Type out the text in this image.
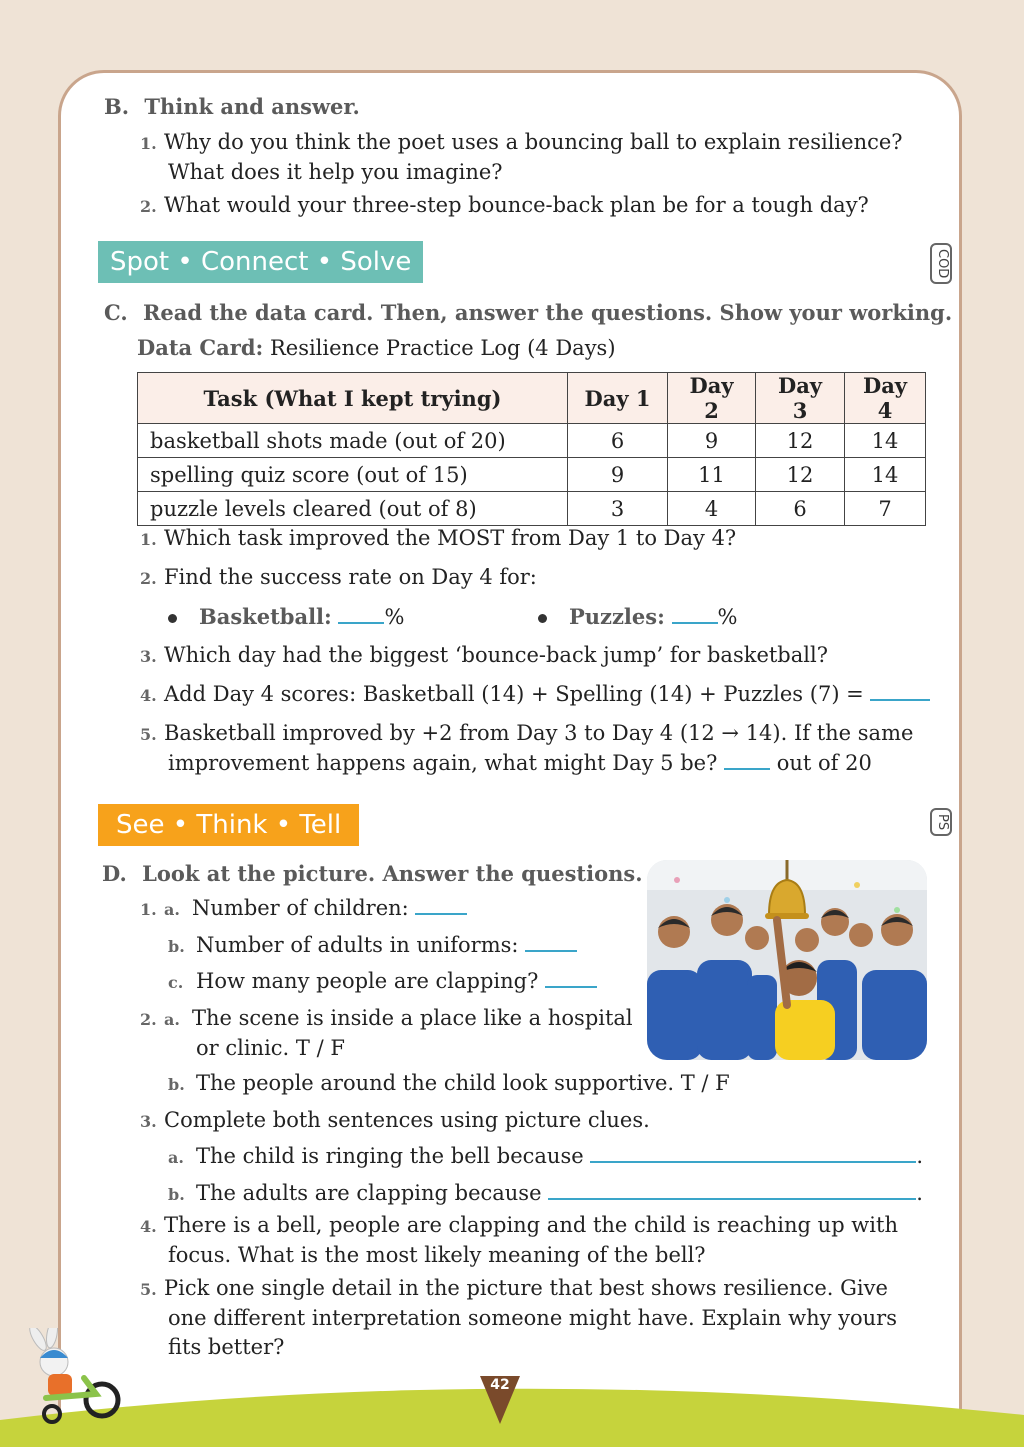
B. Think and answer.
1. Why do you think the poet uses a bouncing ball to explain resilience?
What does it help you imagine?
2. What would your three-step bounce-back plan be for a tough day?
Spot • Connect • Solve	COD
C. Read the data card. Then, answer the questions. Show your working.
Data Card: Resilience Practice Log (4 Days)
Task (What I kept trying)	Day 1	Day 2	Day 3	Day 4
basketball shots made (out of 20)	6	9	12	14
spelling quiz score (out of 15)	9	11	12	14
puzzle levels cleared (out of 8)	3	4	6	7
1. Which task improved the MOST from Day 1 to Day 4?
2. Find the success rate on Day 4 for:
Basketball:	%	Puzzles:	%
3. Which day had the biggest ‘bounce-back jump’ for basketball?
4. Add Day 4 scores: Basketball (14) + Spelling (14) + Puzzles (7) =
5. Basketball improved by +2 from Day 3 to Day 4 (12 → 14). If the same
improvement happens again, what might Day 5 be?	out of 20
See • Think • Tell	PS
D. Look at the picture. Answer the questions.
1. a. Number of children:
b. Number of adults in uniforms:
c. How many people are clapping?
2. a. The scene is inside a place like a hospital
or clinic. T / F
b. The people around the child look supportive. T / F
3. Complete both sentences using picture clues.
a. The child is ringing the bell because	.
b. The adults are clapping because	.
4. There is a bell, people are clapping and the child is reaching up with
focus. What is the most likely meaning of the bell?
5. Pick one single detail in the picture that best shows resilience. Give
one different interpretation someone might have. Explain why yours
fits better?
42
